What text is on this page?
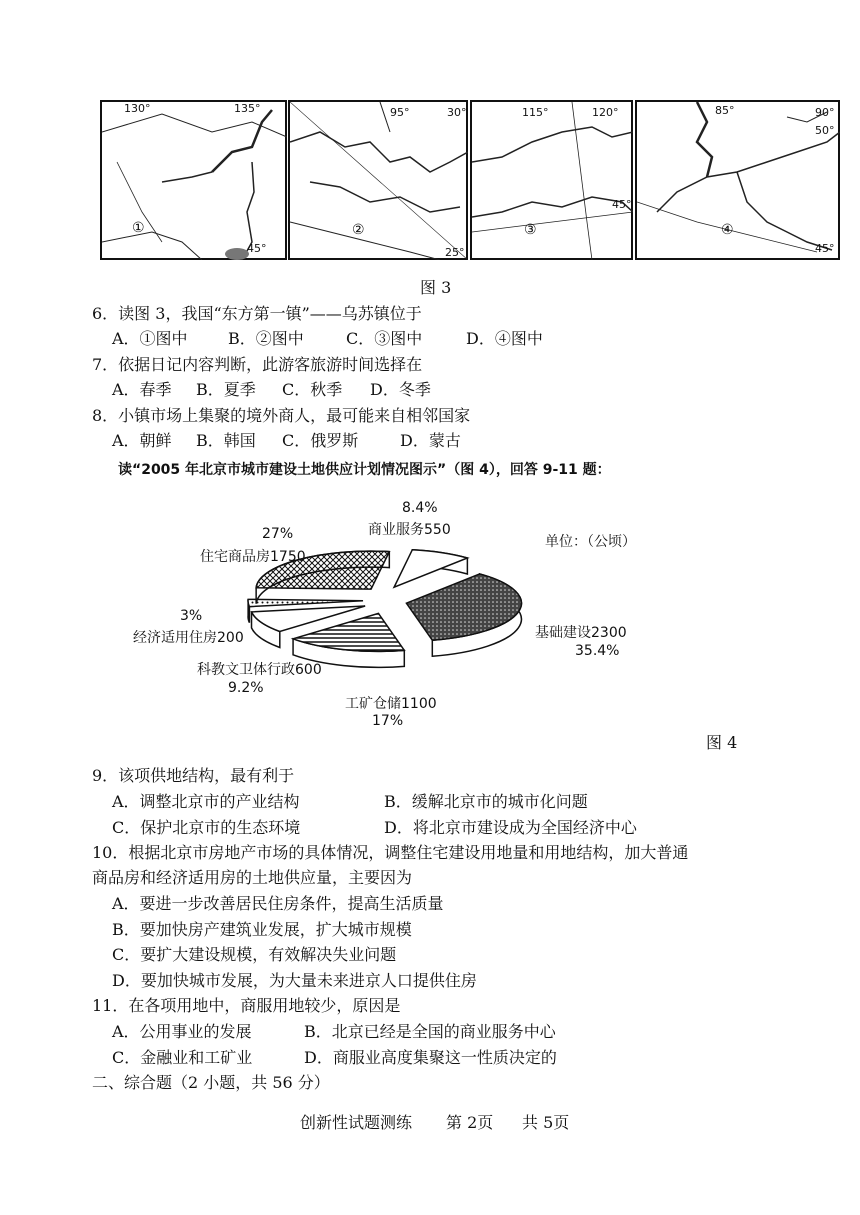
130°	135°
45°
①
95°	30°
25°
②
115°	120°
45°
③
85°	90°
50°
45°
④
图 3
6．读图 3，我国“东方第一镇”——乌苏镇位于
A．①图中	B．②图中	C．③图中	D．④图中
7．依据日记内容判断，此游客旅游时间选择在
A．春季 B．夏季 C．秋季 D．冬季
8．小镇市场上集聚的境外商人，最可能来自相邻国家
A．朝鲜 B．韩国 C．俄罗斯	D．蒙古
读“2005 年北京市城市建设土地供应计划情况图示”（图 4），回答 9-11 题：
8.4%
商业服务550
单位：（公顷）
27%
住宅商品房1750
3%
经济适用住房200	基础建设2300
35.4%
科教文卫体行政600
9.2%
工矿仓储1100
17%
图 4
9．该项供地结构，最有利于
A．调整北京市的产业结构	B．缓解北京市的城市化问题
C．保护北京市的生态环境	D．将北京市建设成为全国经济中心
10．根据北京市房地产市场的具体情况，调整住宅建设用地量和用地结构，加大普通
商品房和经济适用房的土地供应量，主要因为
A．要进一步改善居民住房条件，提高生活质量
B．要加快房产建筑业发展，扩大城市规模
C．要扩大建设规模，有效解决失业问题
D．要加快城市发展，为大量未来进京人口提供住房
11．在各项用地中，商服用地较少，原因是
A．公用事业的发展	B．北京已经是全国的商业服务中心
C．金融业和工矿业	D．商服业高度集聚这一性质决定的
二、综合题（2 小题，共 56 分）
创新性试题测练 第 2页 共 5页
